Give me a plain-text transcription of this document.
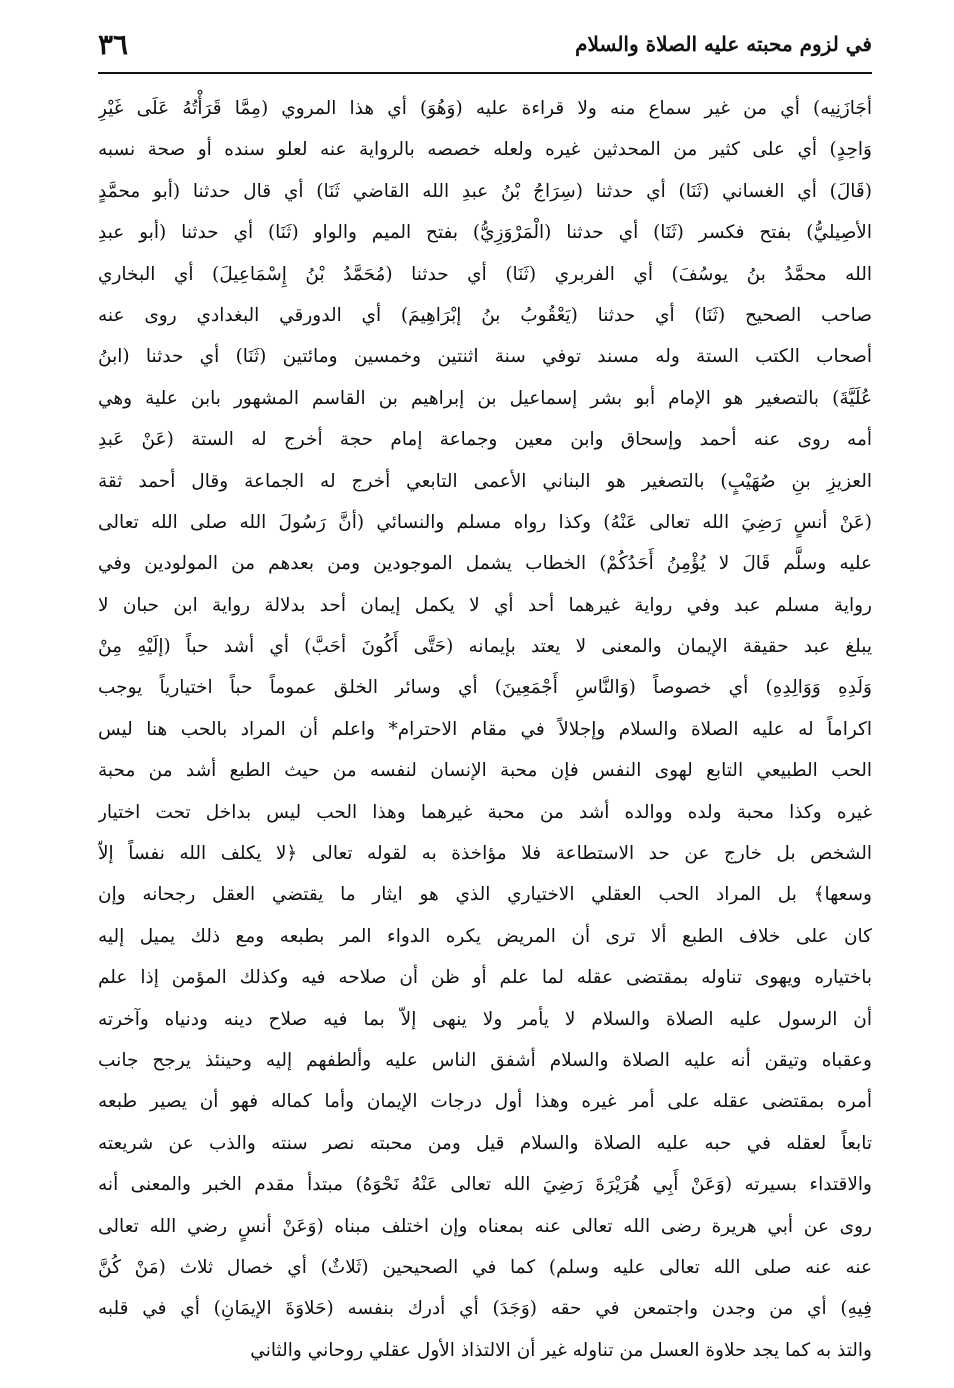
في لزوم محبته عليه الصلاة والسلام
٣٦
أجَازَنِيه) أي من غير سماع منه ولا قراءة عليه (وَهُوَ) أي هذا المروي (مِمَّا قَرَأْتُهُ عَلَى غَيْرِ
وَاحِدٍ) أي على كثير من المحدثين غيره ولعله خصصه بالرواية عنه لعلو سنده أو صحة نسبه
(قَالَ) أي الغساني (ثَنَا) أي حدثنا (سِرَاجُ بْنُ عبدِ الله القاضي ثَنَا) أي قال حدثنا (أبو محمَّدٍ
الأصِيليُّ) بفتح فكسر (ثَنَا) أي حدثنا (الْمَرْوَزِيُّ) بفتح الميم والواو (ثَنَا) أي حدثنا (أبو عبدِ
الله محمَّدُ بنُ يوسُفَ) أي الفربري (ثَنَا) أي حدثنا (مُحَمَّدُ بْنُ إِسْمَاعِيلَ) أي البخاري
صاحب الصحيح (ثَنَا) أي حدثنا (يَعْقُوبُ بنُ إبْرَاهِيمَ) أي الدورقي البغدادي روى عنه
أصحاب الكتب الستة وله مسند توفي سنة اثنتين وخمسين ومائتين (ثَنَا) أي حدثنا (ابنُ
عُلَيَّةَ) بالتصغير هو الإمام أبو بشر إسماعيل بن إبراهيم بن القاسم المشهور بابن علية وهي
أمه روى عنه أحمد وإسحاق وابن معين وجماعة إمام حجة أخرج له الستة (عَنْ عَبدِ
العزيزِ بنِ صُهَيْبٍ) بالتصغير هو البناني الأعمى التابعي أخرج له الجماعة وقال أحمد ثقة
(عَنْ أنسٍ رَضِيَ الله تعالى عَنْهُ) وكذا رواه مسلم والنسائي (أنَّ رَسُولَ الله صلى الله تعالى
عليه وسلَّم قَالَ لا يُؤْمِنُ أَحَدُكُمْ) الخطاب يشمل الموجودين ومن بعدهم من المولودين وفي
رواية مسلم عبد وفي رواية غيرهما أحد أي لا يكمل إيمان أحد بدلالة رواية ابن حبان لا
يبلغ عبد حقيقة الإيمان والمعنى لا يعتد بإيمانه (حَتَّى أَكُونَ أحَبَّ) أي أشد حباً (إلَيْهِ مِنْ
وَلَدِهِ وَوَالِدِهِ) أي خصوصاً (وَالنَّاسِ أَجْمَعِينَ) أي وسائر الخلق عموماً حباً اختيارياً يوجب
اكراماً له عليه الصلاة والسلام وإجلالاً في مقام الاحترام* واعلم أن المراد بالحب هنا ليس
الحب الطبيعي التابع لهوى النفس فإن محبة الإنسان لنفسه من حيث الطبع أشد من محبة
غيره وكذا محبة ولده ووالده أشد من محبة غيرهما وهذا الحب ليس بداخل تحت اختيار
الشخص بل خارج عن حد الاستطاعة فلا مؤاخذة به لقوله تعالى ﴿لا يكلف الله نفساً إلاّ
وسعها﴾ بل المراد الحب العقلي الاختياري الذي هو ايثار ما يقتضي العقل رجحانه وإن
كان على خلاف الطبع ألا ترى أن المريض يكره الدواء المر بطبعه ومع ذلك يميل إليه
باختياره ويهوى تناوله بمقتضى عقله لما علم أو ظن أن صلاحه فيه وكذلك المؤمن إذا علم
أن الرسول عليه الصلاة والسلام لا يأمر ولا ينهى إلاّ بما فيه صلاح دينه ودنياه وآخرته
وعقباه وتيقن أنه عليه الصلاة والسلام أشفق الناس عليه وألطفهم إليه وحينئذ يرجح جانب
أمره بمقتضى عقله على أمر غيره وهذا أول درجات الإيمان وأما كماله فهو أن يصير طبعه
تابعاً لعقله في حبه عليه الصلاة والسلام قيل ومن محبته نصر سنته والذب عن شريعته
والاقتداء بسيرته (وَعَنْ أَبِي هُرَيْرَةَ رَضِيَ الله تعالى عَنْهُ نَحْوَهُ) مبتدأ مقدم الخبر والمعنى أنه
روى عن أبي هريرة رضى الله تعالى عنه بمعناه وإن اختلف مبناه (وَعَنْ أنسٍ رضي الله تعالى
عنه عنه صلى الله تعالى عليه وسلم) كما في الصحيحين (ثَلاثٌ) أي خصال ثلاث (مَنْ كُنَّ
فِيهِ) أي من وجدن واجتمعن في حقه (وَجَدَ) أي أدرك بنفسه (حَلاوَةَ الإيمَانِ) أي في قلبه
والتذ به كما يجد حلاوة العسل من تناوله غير أن الالتذاذ الأول عقلي روحاني والثاني
